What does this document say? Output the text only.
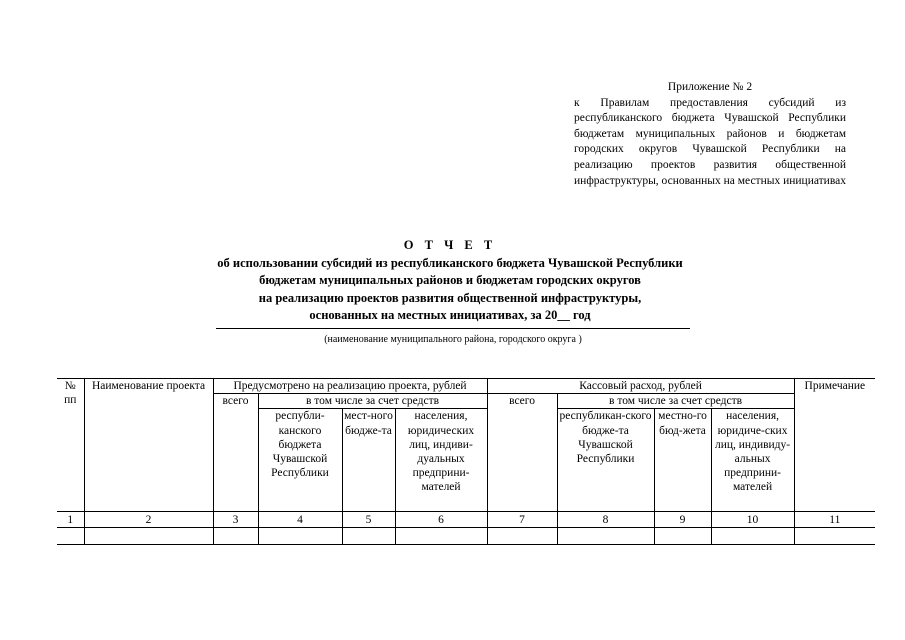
Приложение № 2
к Правилам предоставления субсидий из республиканского бюджета Чувашской Республики бюджетам муниципальных районов и бюджетам городских округов Чувашской Республики на реализацию проектов развития общественной инфраструктуры, основанных на местных инициативах
О Т Ч Е Т
об использовании субсидий из республиканского бюджета Чувашской Республики
бюджетам муниципальных районов и бюджетам городских округов
на реализацию проектов развития общественной инфраструктуры,
основанных на местных инициативах, за 20__ год
(наименование муниципального района, городского округа )
№ пп	Наименование проекта	Предусмотрено на реализацию проекта, рублей				Кассовый расход, рублей				Примечание
		всего	в том числе за счет средств			всего	в том числе за счет средств			
			республи-канского бюджета Чувашской Республики	мест-ного бюдже-та	населения, юридических лиц, индиви-дуальных предприни-мателей		республикан-ского бюдже-та Чувашской Республики	местно-го бюд-жета	населения, юридиче-ских лиц, индивиду-альных предприни-мателей	
1	2	3	4	5	6	7	8	9	10	11
